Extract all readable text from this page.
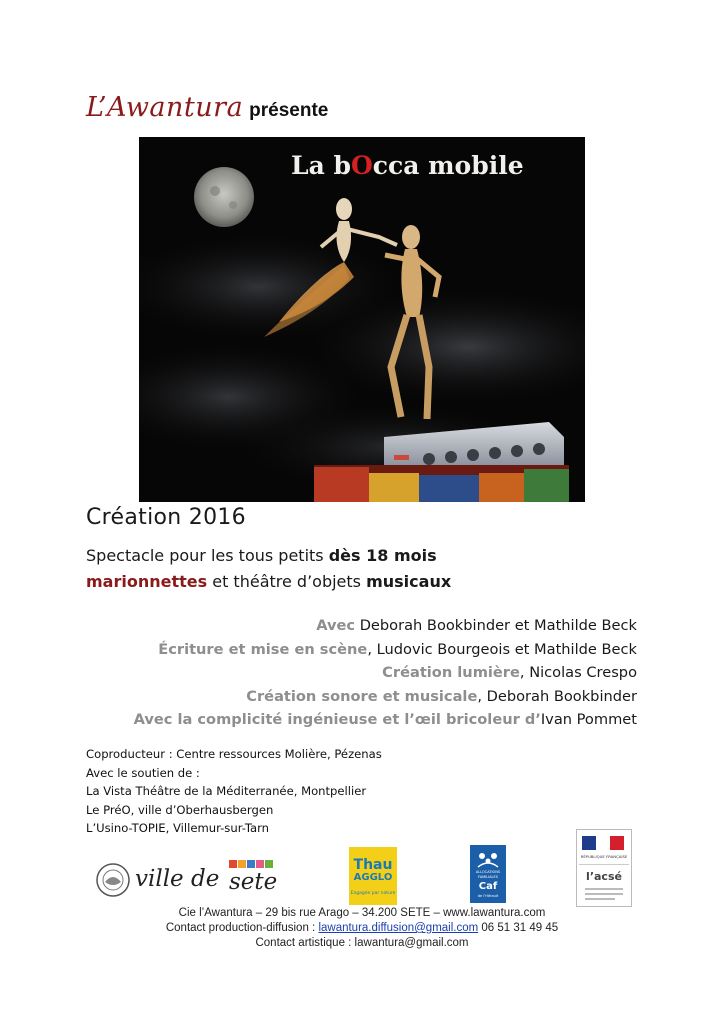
L’Awantura présente
La bOcca mobile
Création 2016
Spectacle pour les tous petits dès 18 mois
marionnettes et théâtre d’objets musicaux
Avec Deborah Bookbinder et Mathilde Beck
Écriture et mise en scène, Ludovic Bourgeois et Mathilde Beck
Création lumière, Nicolas Crespo
Création sonore et musicale, Deborah Bookbinder
Avec la complicité ingénieuse et l’œil bricoleur d’Ivan Pommet
Coproducteur : Centre ressources Molière, Pézenas
Avec le soutien de :
La Vista Théâtre de la Méditerranée, Montpellier
Le PréO, ville d’Oberhausbergen
L’Usino-TOPIE, Villemur-sur-Tarn
ville de sete
Thau
AGGLO
Engagée par nature
ALLOCATIONS
FAMILIALES
Caf
de l’Hérault
RÉPUBLIQUE FRANÇAISE
l’acsé
Cie l’Awantura – 29 bis rue Arago – 34.200 SETE – www.lawantura.com
Contact production-diffusion : lawantura.diffusion@gmail.com 06 51 31 49 45
Contact artistique : lawantura@gmail.com
